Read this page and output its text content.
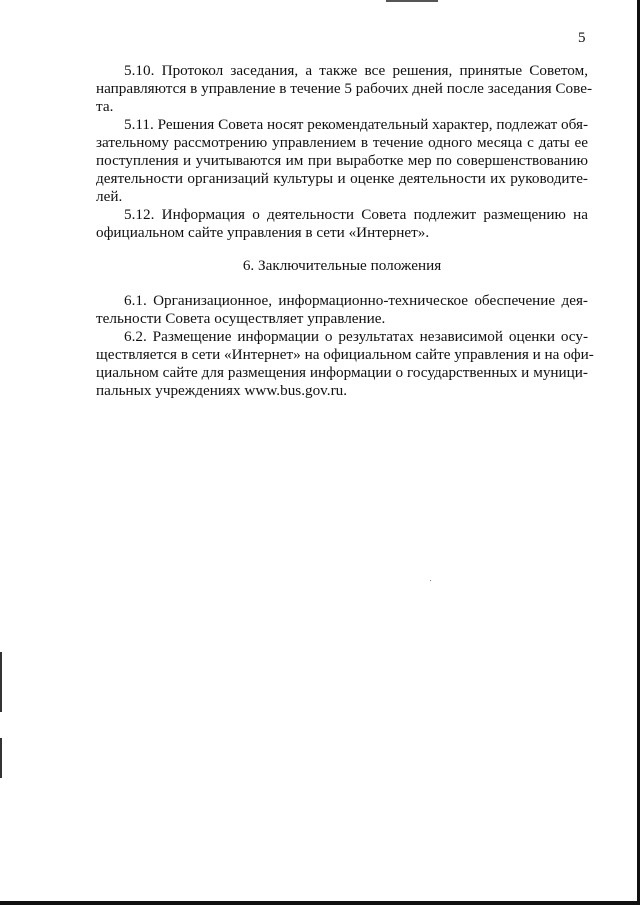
5
5.10. Протокол заседания, а также все решения, принятые Советом,
направляются в управление в течение 5 рабочих дней после заседания Сове-
та.
5.11. Решения Совета носят рекомендательный характер, подлежат обя-
зательному рассмотрению управлением в течение одного месяца с даты ее
поступления и учитываются им при выработке мер по совершенствованию
деятельности организаций культуры и оценке деятельности их руководите-
лей.
5.12. Информация о деятельности Совета подлежит размещению на
официальном сайте управления в сети «Интернет».
6. Заключительные положения
6.1. Организационное, информационно-техническое обеспечение дея-
тельности Совета осуществляет управление.
6.2. Размещение информации о результатах независимой оценки осу-
ществляется в сети «Интернет» на официальном сайте управления и на офи-
циальном сайте для размещения информации о государственных и муници-
пальных учреждениях www.bus.gov.ru.
